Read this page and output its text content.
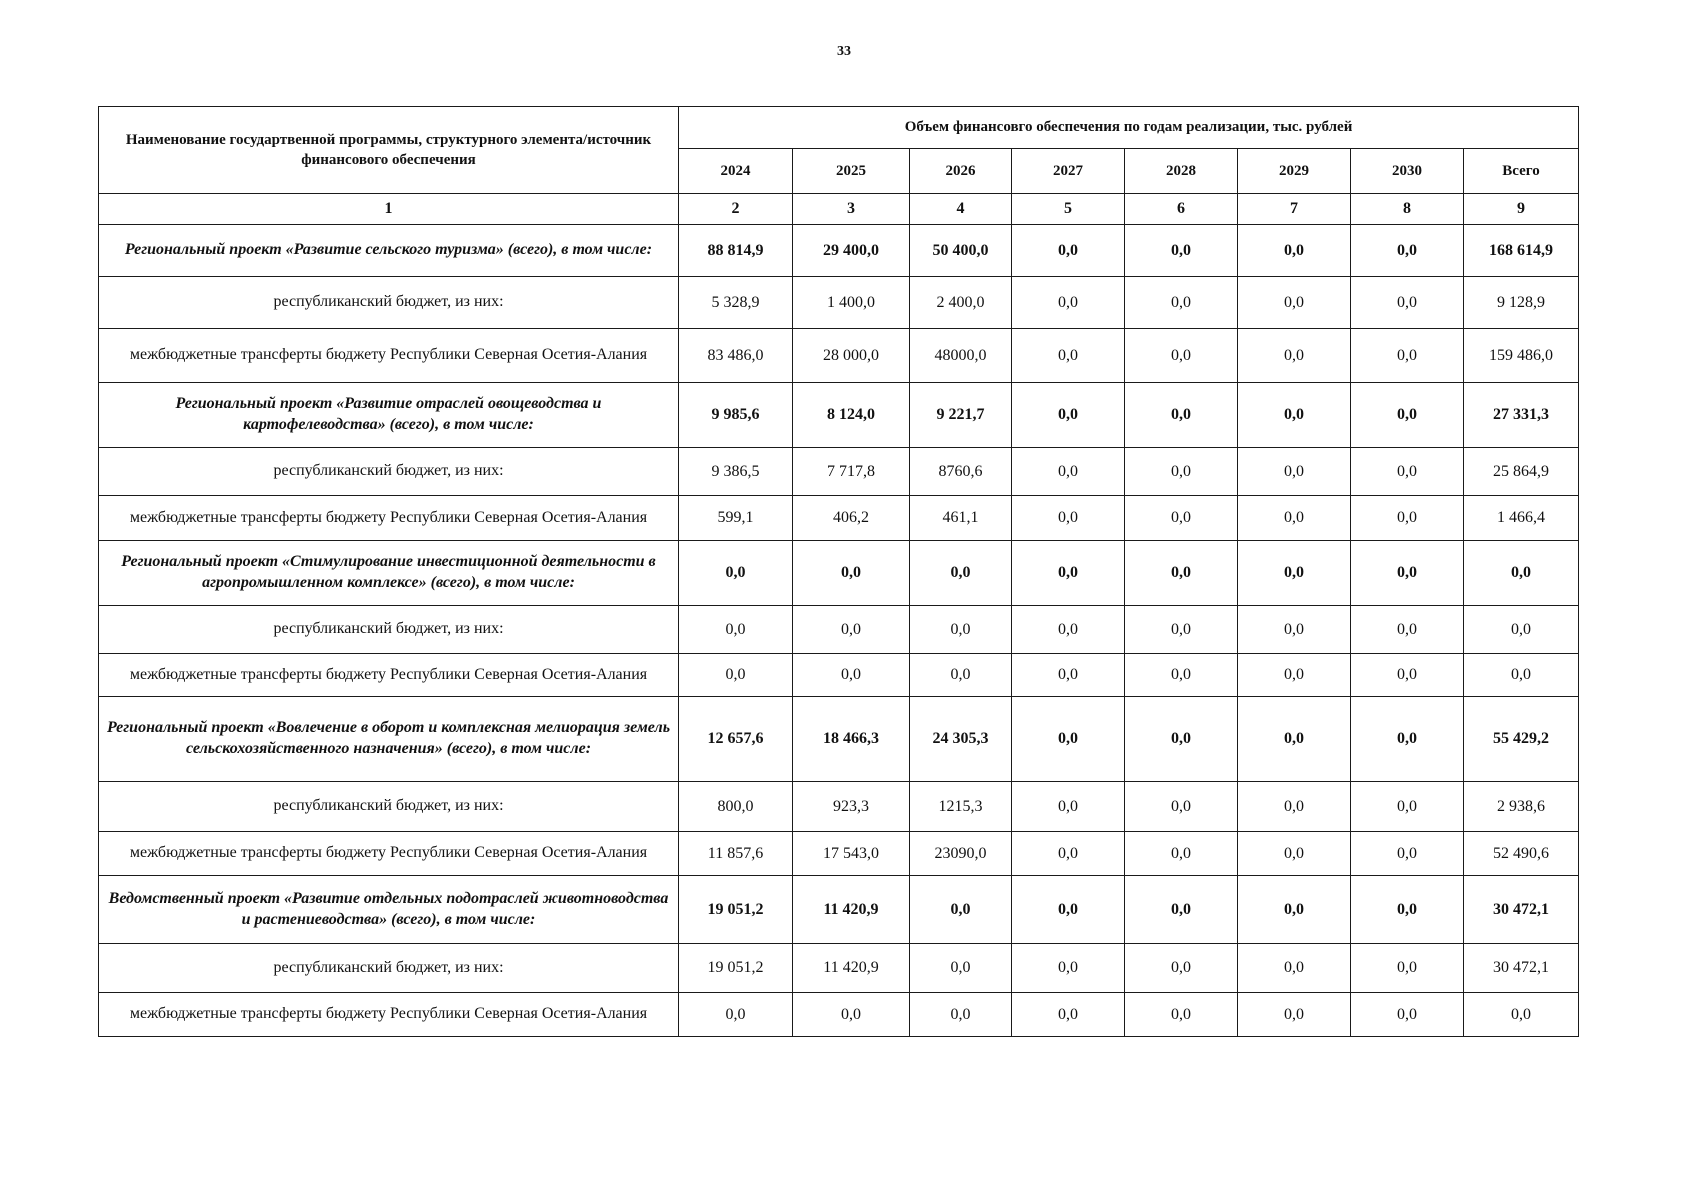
33
Наименование государтвенной программы, структурного элемента/источник финансового обеспечения	Объем финансовго обеспечения по годам реализации, тыс. рублей							
	2024	2025	2026	2027	2028	2029	2030	Всего
1	2	3	4	5	6	7	8	9
Региональный проект «Развитие сельского туризма» (всего), в том числе:	88 814,9	29 400,0	50 400,0	0,0	0,0	0,0	0,0	168 614,9
республиканский бюджет, из них:	5 328,9	1 400,0	2 400,0	0,0	0,0	0,0	0,0	9 128,9
межбюджетные трансферты бюджету Республики Северная Осетия-Алания	83 486,0	28 000,0	48000,0	0,0	0,0	0,0	0,0	159 486,0
Региональный проект «Развитие отраслей овощеводства и картофелеводства» (всего), в том числе:	9 985,6	8 124,0	9 221,7	0,0	0,0	0,0	0,0	27 331,3
республиканский бюджет, из них:	9 386,5	7 717,8	8760,6	0,0	0,0	0,0	0,0	25 864,9
межбюджетные трансферты бюджету Республики Северная Осетия-Алания	599,1	406,2	461,1	0,0	0,0	0,0	0,0	1 466,4
Региональный проект «Стимулирование инвестиционной деятельности в агропромышленном комплексе» (всего), в том числе:	0,0	0,0	0,0	0,0	0,0	0,0	0,0	0,0
республиканский бюджет, из них:	0,0	0,0	0,0	0,0	0,0	0,0	0,0	0,0
межбюджетные трансферты бюджету Республики Северная Осетия-Алания	0,0	0,0	0,0	0,0	0,0	0,0	0,0	0,0
Региональный проект «Вовлечение в оборот и комплексная мелиорация земель сельскохозяйственного назначения» (всего), в том числе:	12 657,6	18 466,3	24 305,3	0,0	0,0	0,0	0,0	55 429,2
республиканский бюджет, из них:	800,0	923,3	1215,3	0,0	0,0	0,0	0,0	2 938,6
межбюджетные трансферты бюджету Республики Северная Осетия-Алания	11 857,6	17 543,0	23090,0	0,0	0,0	0,0	0,0	52 490,6
Ведомственный проект «Развитие отдельных подотраслей животноводства и растениеводства» (всего), в том числе:	19 051,2	11 420,9	0,0	0,0	0,0	0,0	0,0	30 472,1
республиканский бюджет, из них:	19 051,2	11 420,9	0,0	0,0	0,0	0,0	0,0	30 472,1
межбюджетные трансферты бюджету Республики Северная Осетия-Алания	0,0	0,0	0,0	0,0	0,0	0,0	0,0	0,0
